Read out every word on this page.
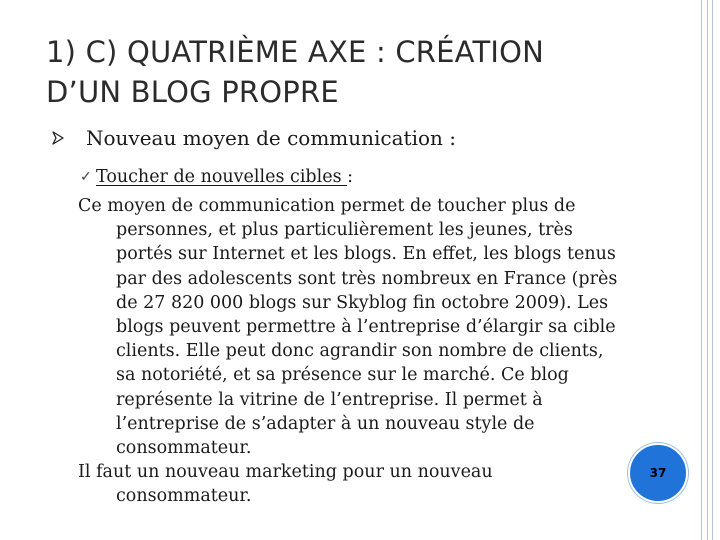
1) C) QUATRIÈME AXE : CRÉATION
D’UN BLOG PROPRE
Nouveau moyen de communication :
✓ Toucher de nouvelles cibles :

Ce moyen de communication permet de toucher plus de personnes, et plus particulièrement les jeunes, très portés sur Internet et les blogs. En effet, les blogs tenus par des adolescents sont très nombreux en France (près de 27 820 000 blogs sur Skyblog fin octobre 2009). Les blogs peuvent permettre à l’entreprise d’élargir sa cible clients. Elle peut donc agrandir son nombre de clients, sa notoriété, et sa présence sur le marché. Ce blog représente la vitrine de l’entreprise. Il permet à l’entreprise de s’adapter à un nouveau style de consommateur.

Il faut un nouveau marketing pour un nouveau consommateur.

37
